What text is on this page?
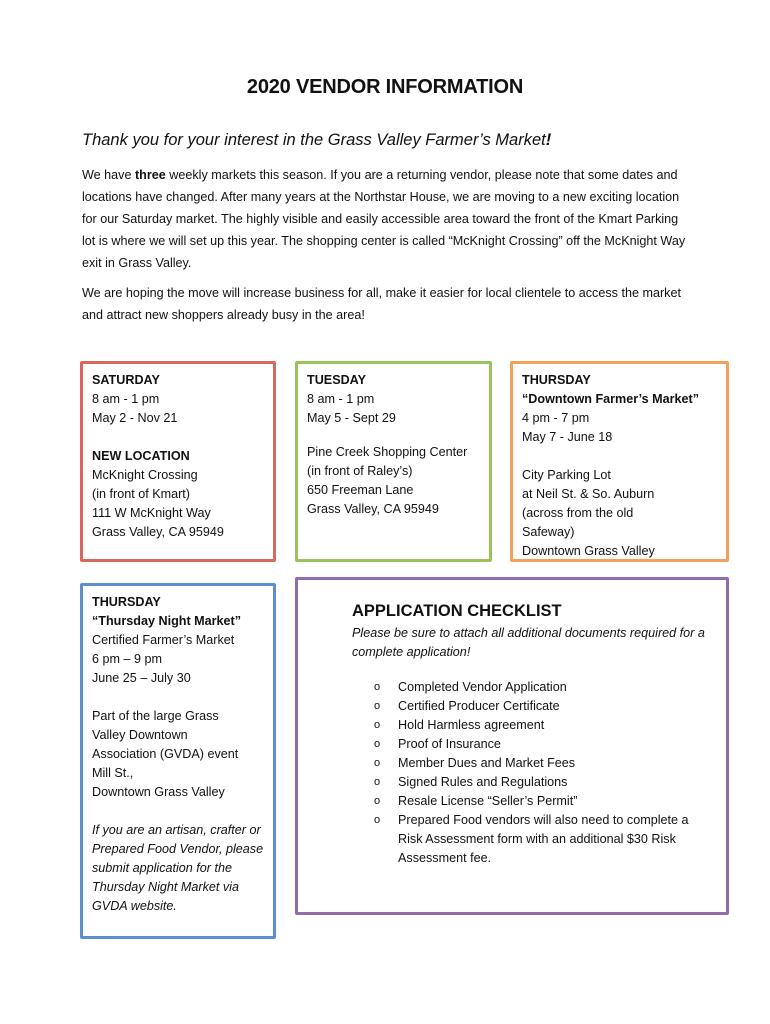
2020 VENDOR INFORMATION
Thank you for your interest in the Grass Valley Farmer’s Market!
We have three weekly markets this season. If you are a returning vendor, please note that some dates and locations have changed. After many years at the Northstar House, we are moving to a new exciting location for our Saturday market. The highly visible and easily accessible area toward the front of the Kmart Parking lot is where we will set up this year. The shopping center is called “McKnight Crossing” off the McKnight Way exit in Grass Valley.
We are hoping the move will increase business for all, make it easier for local clientele to access the market and attract new shoppers already busy in the area!
SATURDAY
8 am - 1 pm
May 2 - Nov 21
NEW LOCATION
McKnight Crossing
(in front of Kmart)
111 W McKnight Way
Grass Valley, CA 95949
TUESDAY
8 am - 1 pm
May 5 - Sept 29
Pine Creek Shopping Center
(in front of Raley’s)
650 Freeman Lane
Grass Valley, CA 95949
THURSDAY
“Downtown Farmer’s Market”
4 pm - 7 pm
May 7 - June 18
City Parking Lot
at Neil St. & So. Auburn
(across from the old
Safeway)
Downtown Grass Valley
THURSDAY
“Thursday Night Market”
Certified Farmer’s Market
6 pm – 9 pm
June 25 – July 30
Part of the large Grass
Valley Downtown
Association (GVDA) event
Mill St.,
Downtown Grass Valley
If you are an artisan, crafter or Prepared Food Vendor, please submit application for the Thursday Night Market via GVDA website.
APPLICATION CHECKLIST
Please be sure to attach all additional documents required for a complete application!
o Completed Vendor Application
o Certified Producer Certificate
o Hold Harmless agreement
o Proof of Insurance
o Member Dues and Market Fees
o Signed Rules and Regulations
o Resale License “Seller’s Permit”
o Prepared Food vendors will also need to complete a Risk Assessment form with an additional $30 Risk Assessment fee.
